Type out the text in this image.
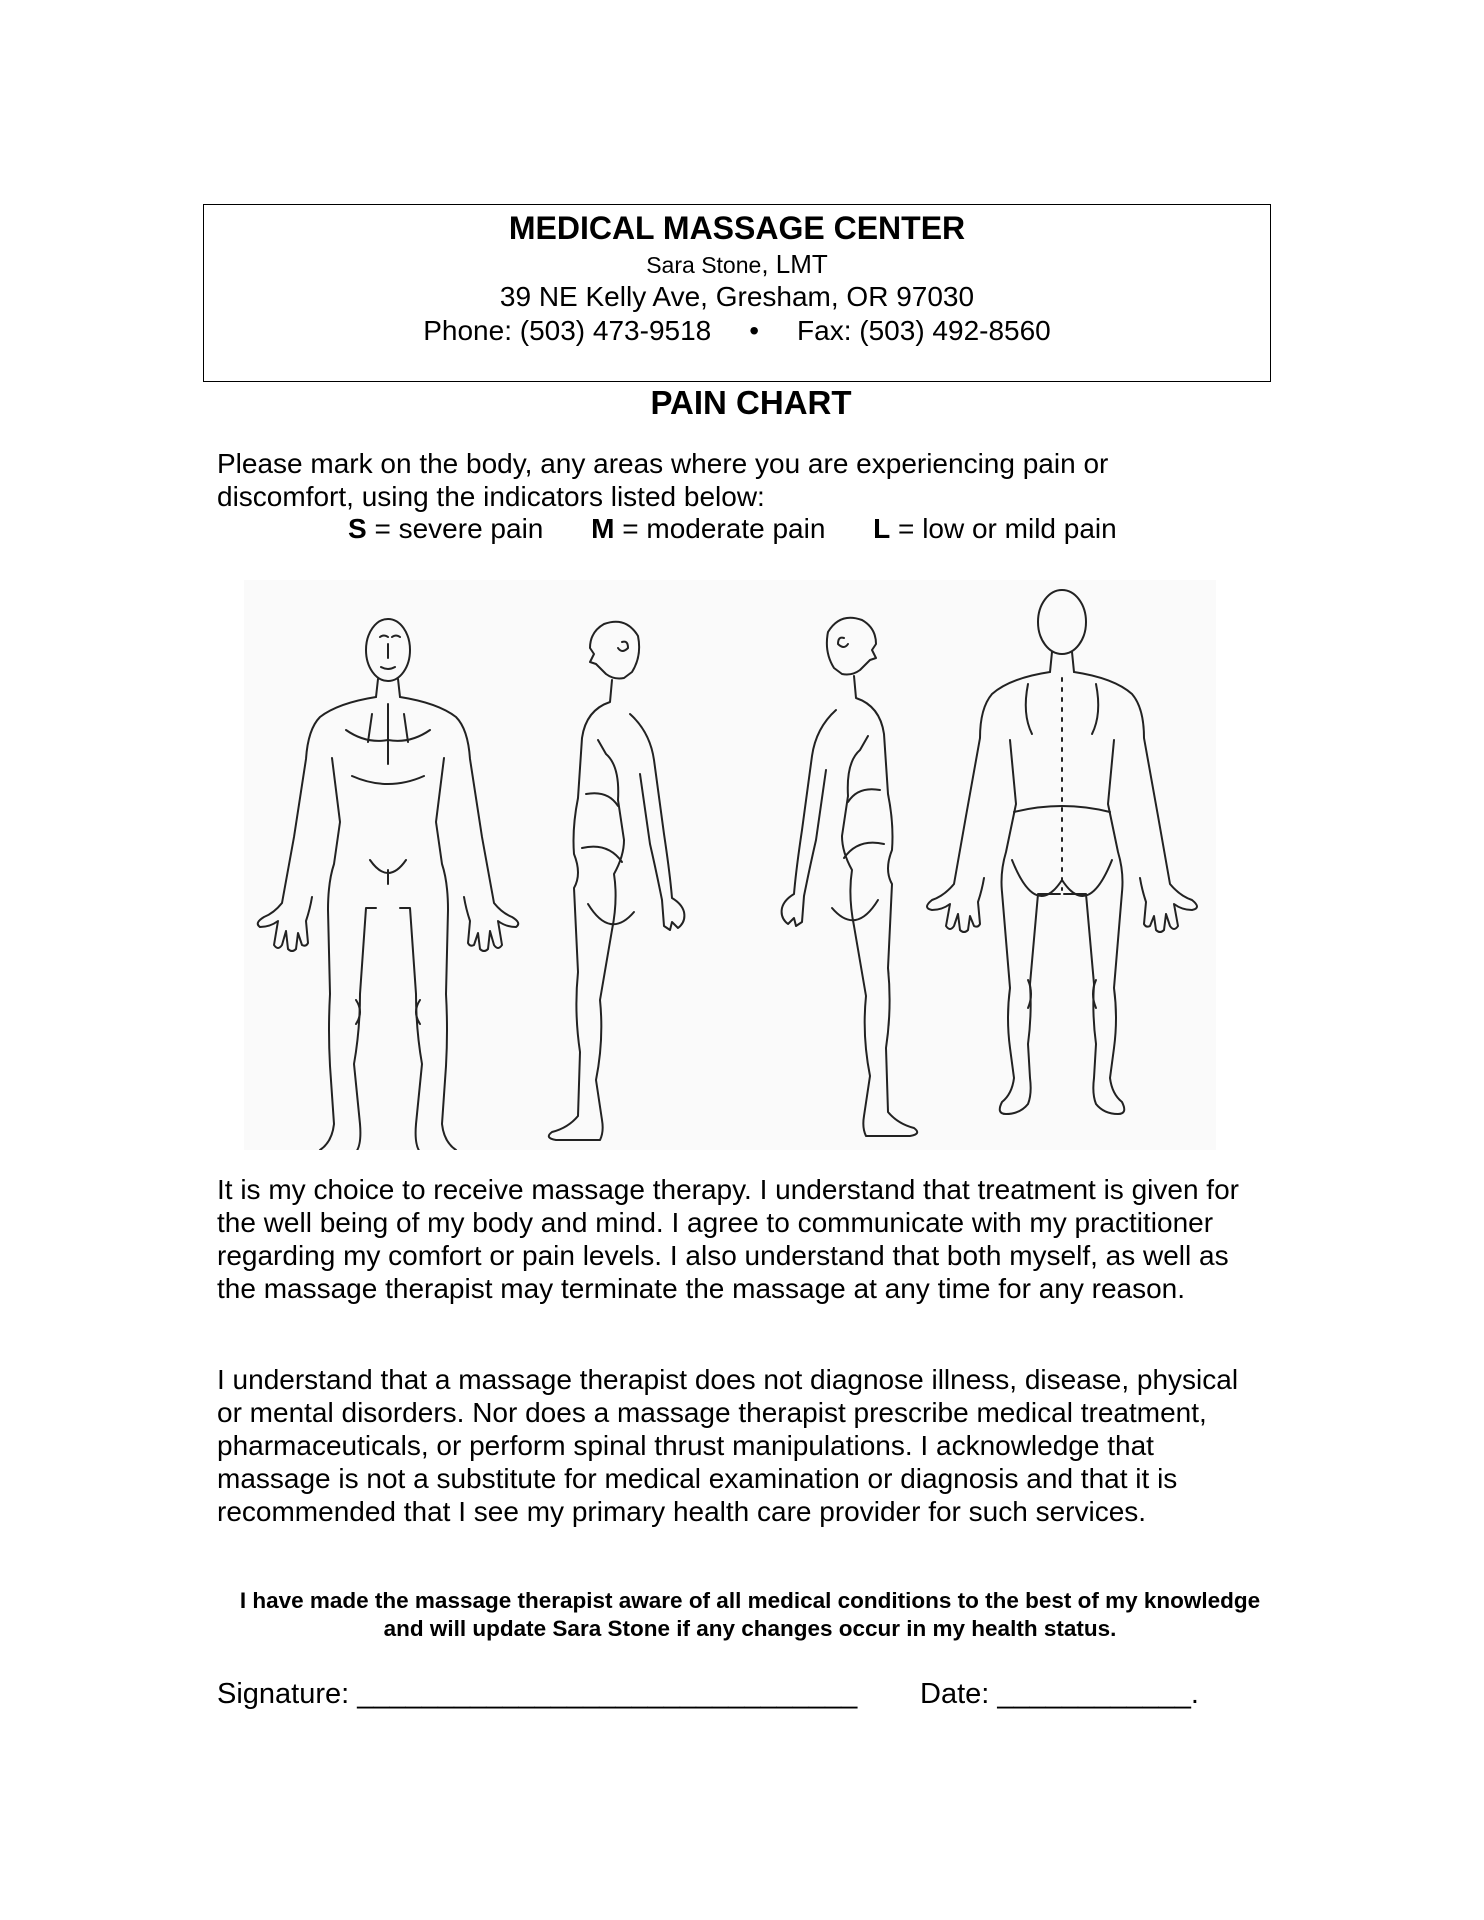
MEDICAL MASSAGE CENTER
Sara Stone, LMT
39 NE Kelly Ave, Gresham, OR 97030
Phone: (503) 473-9518 • Fax: (503) 492-8560
PAIN CHART
Please mark on the body, any areas where you are experiencing pain or discomfort, using the indicators listed below:
S = severe pain M = moderate pain L = low or mild pain
It is my choice to receive massage therapy. I understand that treatment is given for the well being of my body and mind. I agree to communicate with my practitioner regarding my comfort or pain levels. I also understand that both myself, as well as the massage therapist may terminate the massage at any time for any reason.
I understand that a massage therapist does not diagnose illness, disease, physical or mental disorders. Nor does a massage therapist prescribe medical treatment, pharmaceuticals, or perform spinal thrust manipulations. I acknowledge that massage is not a substitute for medical examination or diagnosis and that it is recommended that I see my primary health care provider for such services.
I have made the massage therapist aware of all medical conditions to the best of my knowledge and will update Sara Stone if any changes occur in my health status.
Signature: _______________________________ Date: ____________.
